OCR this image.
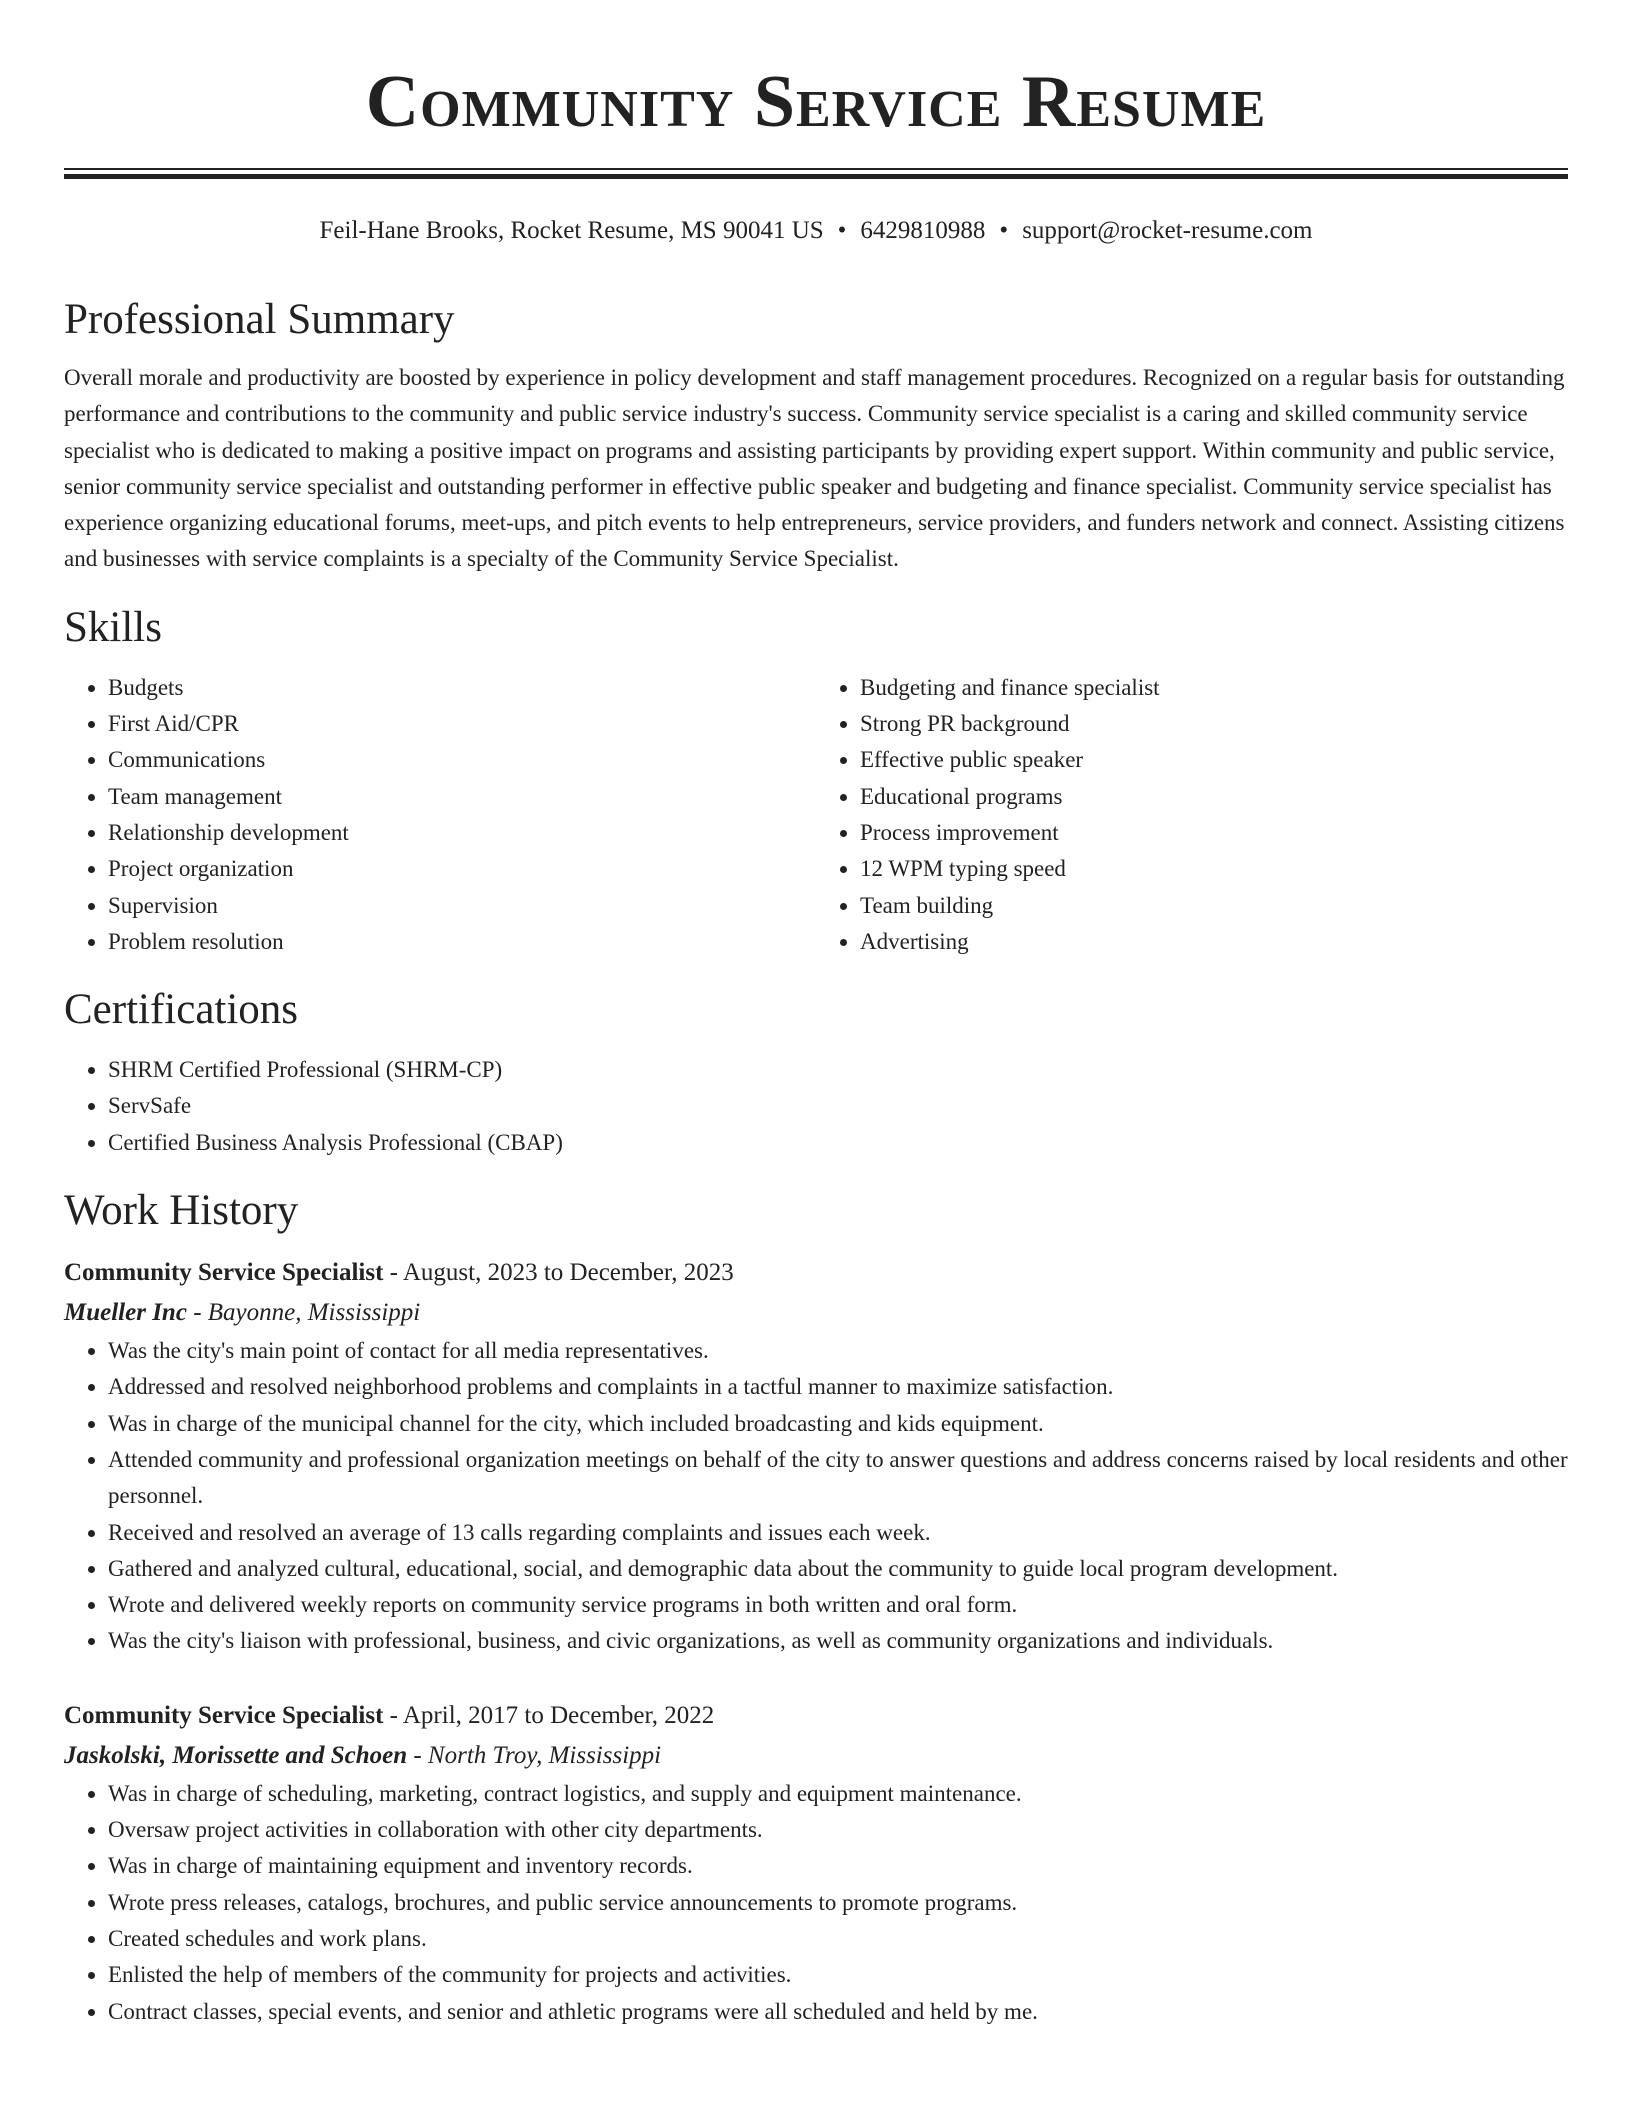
Community Service Resume
Feil-Hane Brooks, Rocket Resume, MS 90041 US • 6429810988 • support@rocket-resume.com
Professional Summary

Overall morale and productivity are boosted by experience in policy development and staff management procedures. Recognized on a regular basis for outstanding performance and contributions to the community and public service industry's success. Community service specialist is a caring and skilled community service specialist who is dedicated to making a positive impact on programs and assisting participants by providing expert support. Within community and public service, senior community service specialist and outstanding performer in effective public speaker and budgeting and finance specialist. Community service specialist has experience organizing educational forums, meet-ups, and pitch events to help entrepreneurs, service providers, and funders network and connect. Assisting citizens and businesses with service complaints is a specialty of the Community Service Specialist.

Skills
• Budgets
• First Aid/CPR
• Communications
• Team management
• Relationship development
• Project organization
• Supervision
• Problem resolution
• Budgeting and finance specialist
• Strong PR background
• Effective public speaker
• Educational programs
• Process improvement
• 12 WPM typing speed
• Team building
• Advertising
Certifications
• SHRM Certified Professional (SHRM-CP)
• ServSafe
• Certified Business Analysis Professional (CBAP)
Work History
Community Service Specialist - August, 2023 to December, 2023
Mueller Inc - Bayonne, Mississippi
• Was the city's main point of contact for all media representatives.
• Addressed and resolved neighborhood problems and complaints in a tactful manner to maximize satisfaction.
• Was in charge of the municipal channel for the city, which included broadcasting and kids equipment.
• Attended community and professional organization meetings on behalf of the city to answer questions and address concerns raised by local residents and other personnel.
• Received and resolved an average of 13 calls regarding complaints and issues each week.
• Gathered and analyzed cultural, educational, social, and demographic data about the community to guide local program development.
• Wrote and delivered weekly reports on community service programs in both written and oral form.
• Was the city's liaison with professional, business, and civic organizations, as well as community organizations and individuals.
Community Service Specialist - April, 2017 to December, 2022
Jaskolski, Morissette and Schoen - North Troy, Mississippi
• Was in charge of scheduling, marketing, contract logistics, and supply and equipment maintenance.
• Oversaw project activities in collaboration with other city departments.
• Was in charge of maintaining equipment and inventory records.
• Wrote press releases, catalogs, brochures, and public service announcements to promote programs.
• Created schedules and work plans.
• Enlisted the help of members of the community for projects and activities.
• Contract classes, special events, and senior and athletic programs were all scheduled and held by me.
